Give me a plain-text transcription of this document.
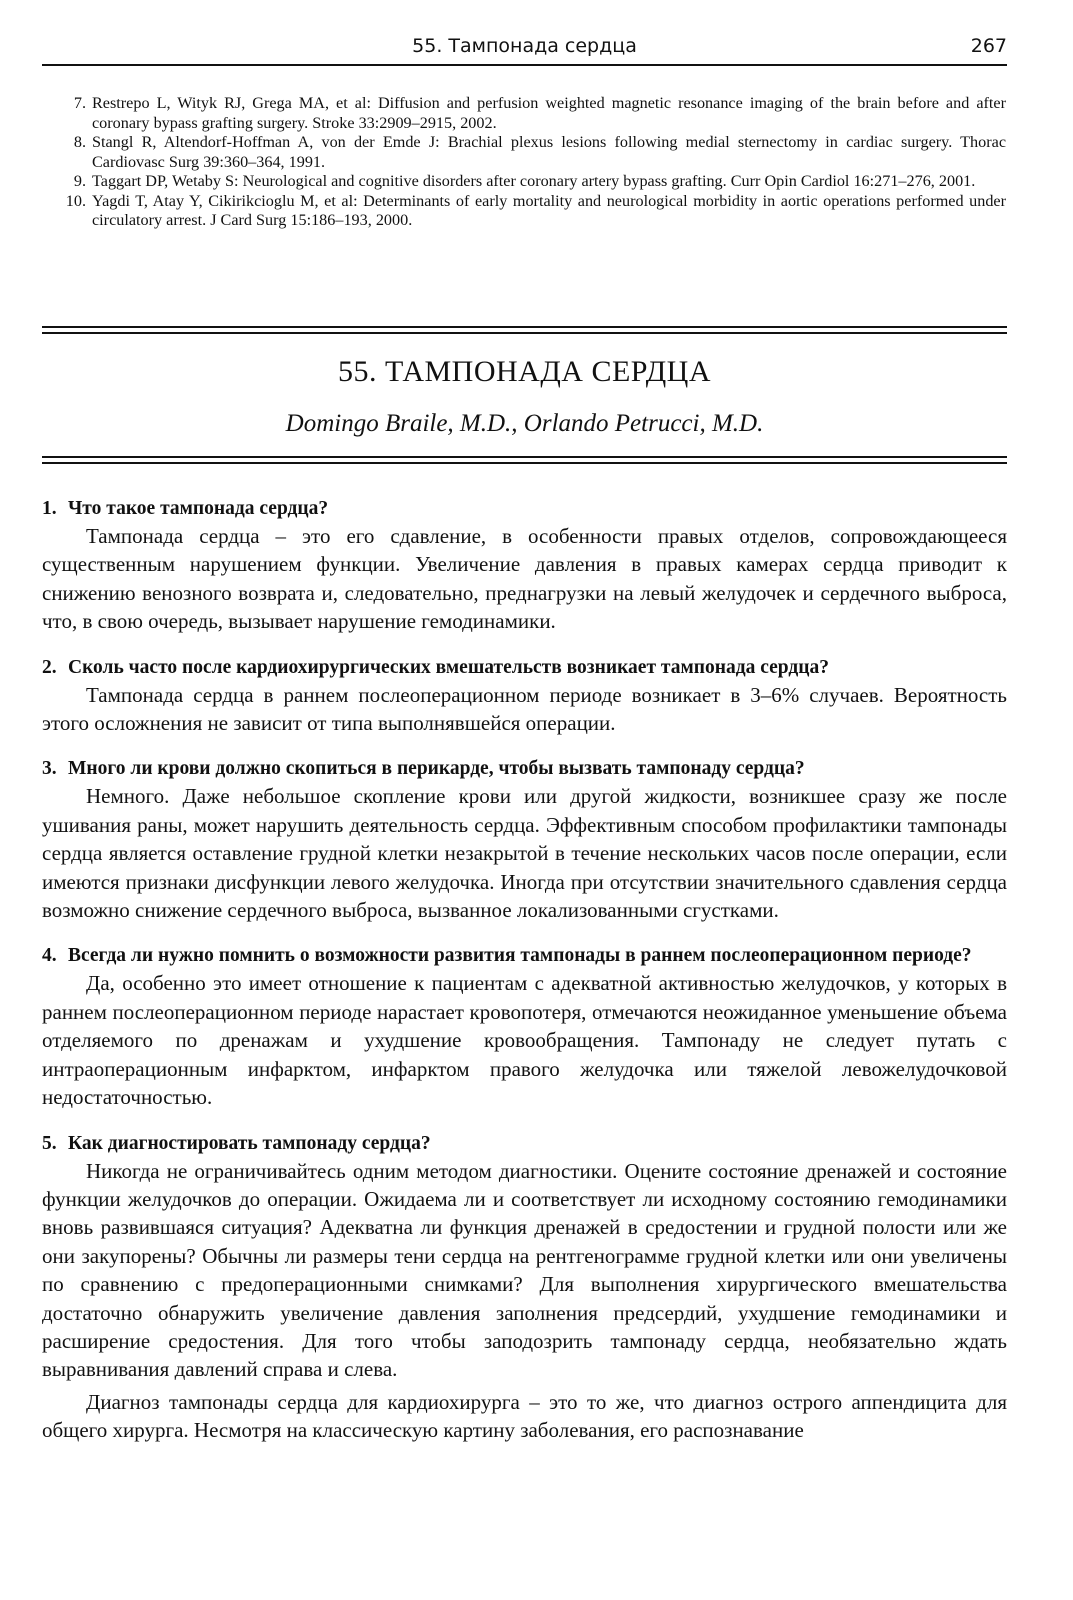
55. Тампонада сердца	267
7. Restrepo L, Wityk RJ, Grega MA, et al: Diffusion and perfusion weighted magnetic resonance imaging of the brain before and after coronary bypass grafting surgery. Stroke 33:2909–2915, 2002.
8. Stangl R, Altendorf-Hoffman A, von der Emde J: Brachial plexus lesions following medial sternectomy in cardiac surgery. Thorac Cardiovasc Surg 39:360–364, 1991.
9. Taggart DP, Wetaby S: Neurological and cognitive disorders after coronary artery bypass grafting. Curr Opin Cardiol 16:271–276, 2001.
10. Yagdi T, Atay Y, Cikirikcioglu M, et al: Determinants of early mortality and neurological morbidity in aortic operations performed under circulatory arrest. J Card Surg 15:186–193, 2000.
55. ТАМПОНАДА СЕРДЦА
Domingo Braile, M.D., Orlando Petrucci, M.D.
1. Что такое тампонада сердца?

Тампонада сердца – это его сдавление, в особенности правых отделов, сопровождающееся существенным нарушением функции. Увеличение давления в правых камерах сердца приводит к снижению венозного возврата и, следовательно, преднагрузки на левый желудочек и сердечного выброса, что, в свою очередь, вызывает нарушение гемодинамики.

2. Сколь часто после кардиохирургических вмешательств возникает тампонада сердца?

Тампонада сердца в раннем послеоперационном периоде возникает в 3–6% случаев. Вероятность этого осложнения не зависит от типа выполнявшейся операции.

3. Много ли крови должно скопиться в перикарде, чтобы вызвать тампонаду сердца?

Немного. Даже небольшое скопление крови или другой жидкости, возникшее сразу же после ушивания раны, может нарушить деятельность сердца. Эффективным способом профилактики тампонады сердца является оставление грудной клетки незакрытой в течение нескольких часов после операции, если имеются признаки дисфункции левого желудочка. Иногда при отсутствии значительного сдавления сердца возможно снижение сердечного выброса, вызванное локализованными сгустками.

4. Всегда ли нужно помнить о возможности развития тампонады в раннем послеоперационном периоде?

Да, особенно это имеет отношение к пациентам с адекватной активностью желудочков, у которых в раннем послеоперационном периоде нарастает кровопотеря, отмечаются неожиданное уменьшение объема отделяемого по дренажам и ухудшение кровообращения. Тампонаду не следует путать с интраоперационным инфарктом, инфарктом правого желудочка или тяжелой левожелудочковой недостаточностью.

5. Как диагностировать тампонаду сердца?

Никогда не ограничивайтесь одним методом диагностики. Оцените состояние дренажей и состояние функции желудочков до операции. Ожидаема ли и соответствует ли исходному состоянию гемодинамики вновь развившаяся ситуация? Адекватна ли функция дренажей в средостении и грудной полости или же они закупорены? Обычны ли размеры тени сердца на рентгенограмме грудной клетки или они увеличены по сравнению с предоперационными снимками? Для выполнения хирургического вмешательства достаточно обнаружить увеличение давления заполнения предсердий, ухудшение гемодинамики и расширение средостения. Для того чтобы заподозрить тампонаду сердца, необязательно ждать выравнивания давлений справа и слева.

Диагноз тампонады сердца для кардиохирурга – это то же, что диагноз острого аппендицита для общего хирурга. Несмотря на классическую картину заболевания, его распознавание
